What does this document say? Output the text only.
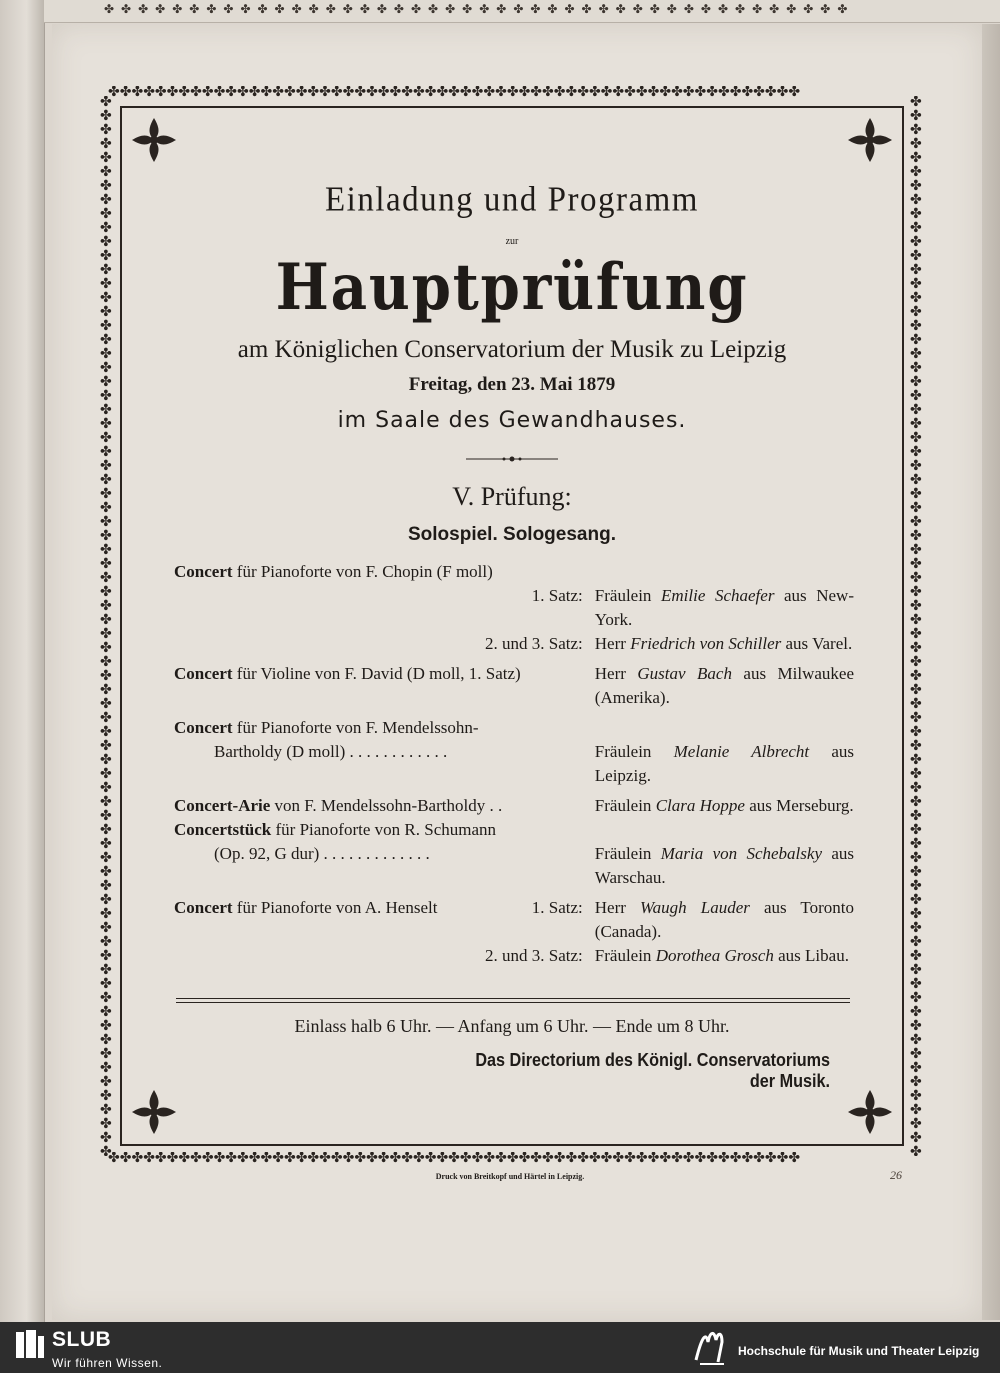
✤ ✤ ✤ ✤ ✤ ✤ ✤ ✤ ✤ ✤ ✤ ✤ ✤ ✤ ✤ ✤ ✤ ✤ ✤ ✤ ✤ ✤ ✤ ✤ ✤ ✤ ✤ ✤ ✤ ✤ ✤ ✤ ✤ ✤ ✤ ✤ ✤ ✤ ✤ ✤ ✤ ✤ ✤ ✤
✤✤✤✤✤✤✤✤✤✤✤✤✤✤✤✤✤✤✤✤✤✤✤✤✤✤✤✤✤✤✤✤✤✤✤✤✤✤✤✤✤✤✤✤✤✤✤✤✤✤✤✤✤✤✤✤✤✤✤
✤✤✤✤✤✤✤✤✤✤✤✤✤✤✤✤✤✤✤✤✤✤✤✤✤✤✤✤✤✤✤✤✤✤✤✤✤✤✤✤✤✤✤✤✤✤✤✤✤✤✤✤✤✤✤✤✤✤✤
✤✤✤✤✤✤✤✤✤✤✤✤✤✤✤✤✤✤✤✤✤✤✤✤✤✤✤✤✤✤✤✤✤✤✤✤✤✤✤✤✤✤✤✤✤✤✤✤✤✤✤✤✤✤✤✤✤✤✤✤✤✤✤✤✤✤✤✤✤✤✤✤✤✤✤✤
✤✤✤✤✤✤✤✤✤✤✤✤✤✤✤✤✤✤✤✤✤✤✤✤✤✤✤✤✤✤✤✤✤✤✤✤✤✤✤✤✤✤✤✤✤✤✤✤✤✤✤✤✤✤✤✤✤✤✤✤✤✤✤✤✤✤✤✤✤✤✤✤✤✤✤✤
Einladung und Programm
zur
Hauptprüfung
am Königlichen Conservatorium der Musik zu Leipzig
Freitag, den 23. Mai 1879
im Saale des Gewandhauses.
V. Prüfung:
Solospiel. Sologesang.
Concert für Pianoforte von F. Chopin (F moll)
1. Satz: Fräulein Emilie Schaefer aus New-York.
2. und 3. Satz: Herr Friedrich von Schiller aus Varel.
Concert für Violine von F. David (D moll, 1. Satz)	Herr Gustav Bach aus Milwaukee (Amerika).
Concert für Pianoforte von F. Mendelssohn-
Bartholdy (D moll) . . . . . . . . . . . .	Fräulein Melanie Albrecht aus Leipzig.
Concert-Arie von F. Mendelssohn-Bartholdy . .	Fräulein Clara Hoppe aus Merseburg.
Concertstück für Pianoforte von R. Schumann
(Op. 92, G dur) . . . . . . . . . . . . .	Fräulein Maria von Schebalsky aus Warschau.
Concert für Pianoforte von A. Henselt	1. Satz: Herr Waugh Lauder aus Toronto (Canada).
2. und 3. Satz: Fräulein Dorothea Grosch aus Libau.
Einlass halb 6 Uhr. — Anfang um 6 Uhr. — Ende um 8 Uhr.
Das Directorium des Königl. Conservatoriums der Musik.
Druck von Breitkopf und Härtel in Leipzig.	26
SLUB
Wir führen Wissen.
Hochschule für Musik und Theater Leipzig
